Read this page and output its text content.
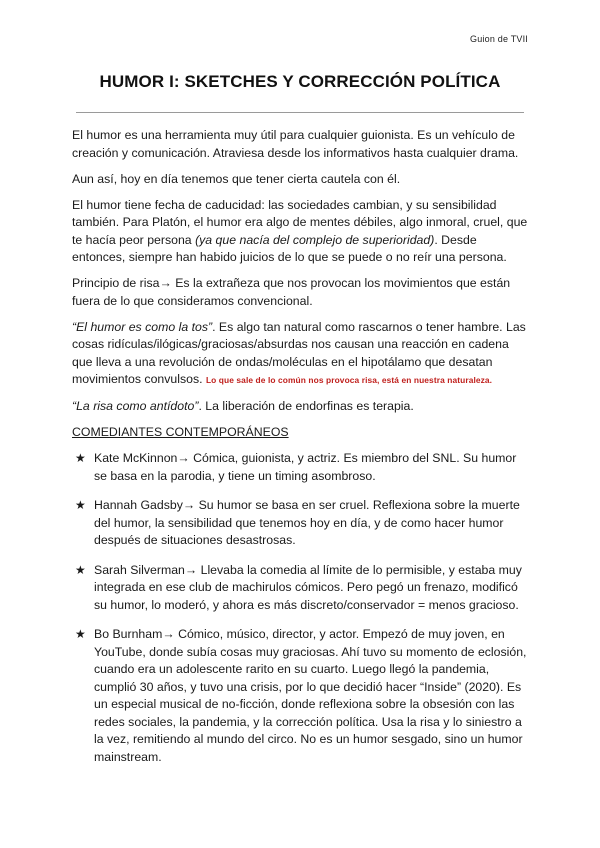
Guion de TVII
HUMOR I: SKETCHES Y CORRECCIÓN POLÍTICA

El humor es una herramienta muy útil para cualquier guionista. Es un vehículo de creación y comunicación. Atraviesa desde los informativos hasta cualquier drama.

Aun así, hoy en día tenemos que tener cierta cautela con él.

El humor tiene fecha de caducidad: las sociedades cambian, y su sensibilidad también. Para Platón, el humor era algo de mentes débiles, algo inmoral, cruel, que te hacía peor persona (ya que nacía del complejo de superioridad). Desde entonces, siempre han habido juicios de lo que se puede o no reír una persona.

Principio de risa→ Es la extrañeza que nos provocan los movimientos que están fuera de lo que consideramos convencional.

“El humor es como la tos”. Es algo tan natural como rascarnos o tener hambre. Las cosas ridículas/ilógicas/graciosas/absurdas nos causan una reacción en cadena que lleva a una revolución de ondas/moléculas en el hipotálamo que desatan movimientos convulsos. Lo que sale de lo común nos provoca risa, está en nuestra naturaleza.

“La risa como antídoto”. La liberación de endorfinas es terapia.

COMEDIANTES CONTEMPORÁNEOS

★ Kate McKinnon→ Cómica, guionista, y actriz. Es miembro del SNL. Su humor se basa en la parodia, y tiene un timing asombroso.
★ Hannah Gadsby→ Su humor se basa en ser cruel. Reflexiona sobre la muerte del humor, la sensibilidad que tenemos hoy en día, y de como hacer humor después de situaciones desastrosas.
★ Sarah Silverman→ Llevaba la comedia al límite de lo permisible, y estaba muy integrada en ese club de machirulos cómicos. Pero pegó un frenazo, modificó su humor, lo moderó, y ahora es más discreto/conservador = menos gracioso.
★ Bo Burnham→ Cómico, músico, director, y actor. Empezó de muy joven, en YouTube, donde subía cosas muy graciosas. Ahí tuvo su momento de eclosión, cuando era un adolescente rarito en su cuarto. Luego llegó la pandemia, cumplió 30 años, y tuvo una crisis, por lo que decidió hacer “Inside” (2020). Es un especial musical de no-ficción, donde reflexiona sobre la obsesión con las redes sociales, la pandemia, y la corrección política. Usa la risa y lo siniestro a la vez, remitiendo al mundo del circo. No es un humor sesgado, sino un humor mainstream.
